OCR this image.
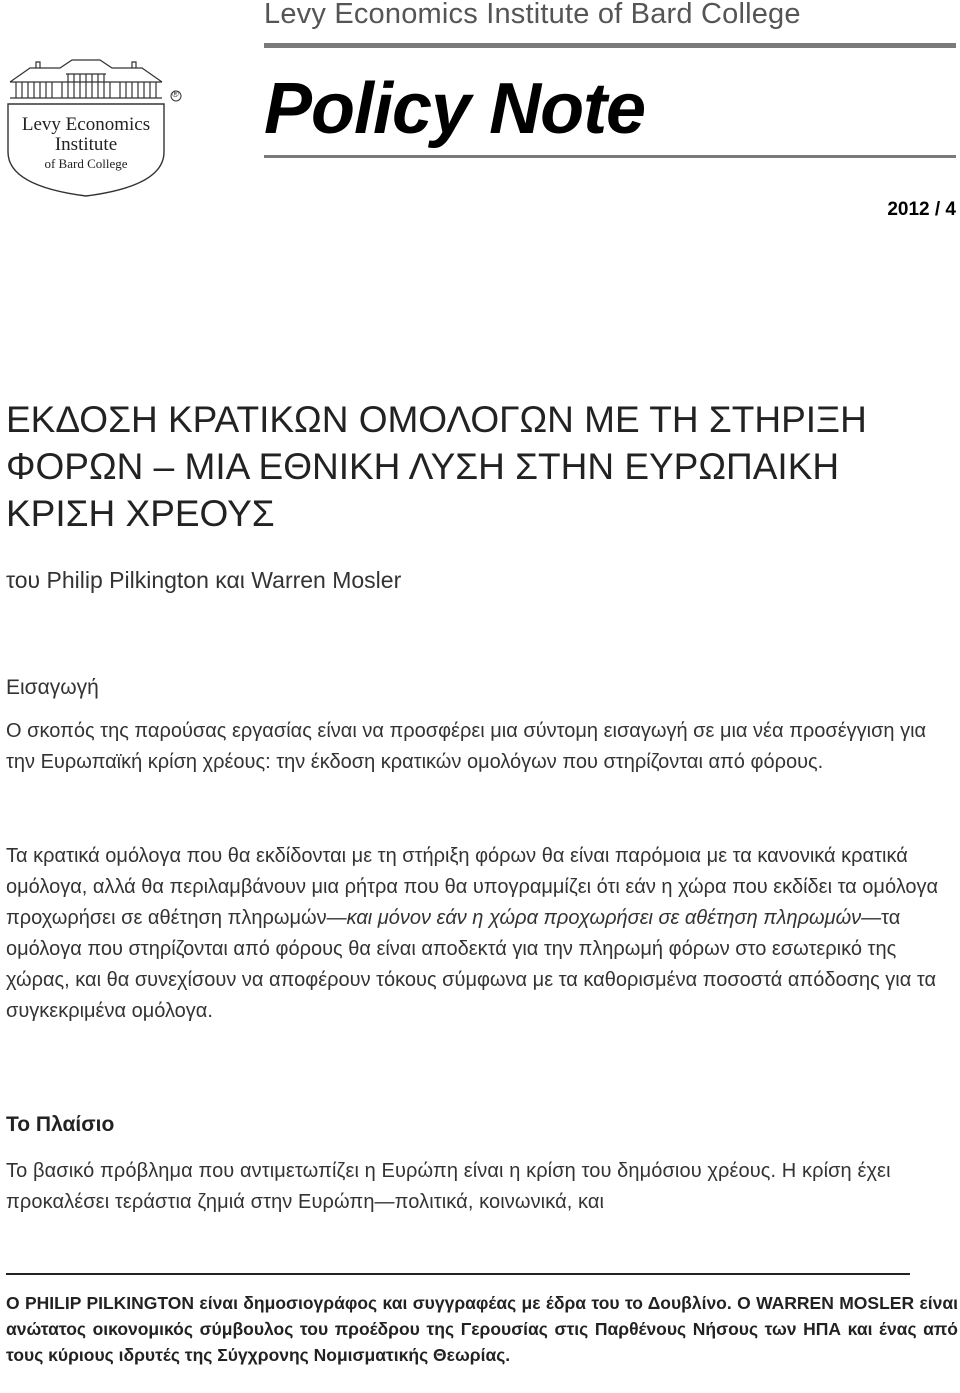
Levy Economics Institute of Bard College
Policy Note
2012 / 4
®
Levy Economics
Institute
of Bard College
ΕΚΔΟΣΗ ΚΡΑΤΙΚΩΝ ΟΜΟΛΟΓΩΝ ΜΕ ΤΗ ΣΤΗΡΙΞΗ ΦΟΡΩΝ – ΜΙΑ ΕΘΝΙΚΗ ΛΥΣΗ ΣΤΗΝ ΕΥΡΩΠΑΙΚΗ ΚΡΙΣΗ ΧΡΕΟΥΣ
του Philip Pilkington και Warren Mosler
Εισαγωγή
Ο σκοπός της παρούσας εργασίας είναι να προσφέρει μια σύντομη εισαγωγή σε μια νέα προσέγγιση για την Ευρωπαϊκή κρίση χρέους: την έκδοση κρατικών ομολόγων που στηρίζονται από φόρους.
Τα κρατικά ομόλογα που θα εκδίδονται με τη στήριξη φόρων θα είναι παρόμοια με τα κανονικά κρατικά ομόλογα, αλλά θα περιλαμβάνουν μια ρήτρα που θα υπογραμμίζει ότι εάν η χώρα που εκδίδει τα ομόλογα προχωρήσει σε αθέτηση πληρωμών—και μόνον εάν η χώρα προχωρήσει σε αθέτηση πληρωμών—τα ομόλογα που στηρίζονται από φόρους θα είναι αποδεκτά για την πληρωμή φόρων στο εσωτερικό της χώρας, και θα συνεχίσουν να αποφέρουν τόκους σύμφωνα με τα καθορισμένα ποσοστά απόδοσης για τα συγκεκριμένα ομόλογα.
Το Πλαίσιο
Το βασικό πρόβλημα που αντιμετωπίζει η Ευρώπη είναι η κρίση του δημόσιου χρέους. Η κρίση έχει προκαλέσει τεράστια ζημιά στην Ευρώπη—πολιτικά, κοινωνικά, και
Ο PHILIP PILKINGTON είναι δημοσιογράφος και συγγραφέας με έδρα του το Δουβλίνο. Ο WARREN MOSLER είναι ανώτατος οικονομικός σύμβουλος του προέδρου της Γερουσίας στις Παρθένους Νήσους των ΗΠΑ και ένας από τους κύριους ιδρυτές της Σύγχρονης Νομισματικής Θεωρίας.
